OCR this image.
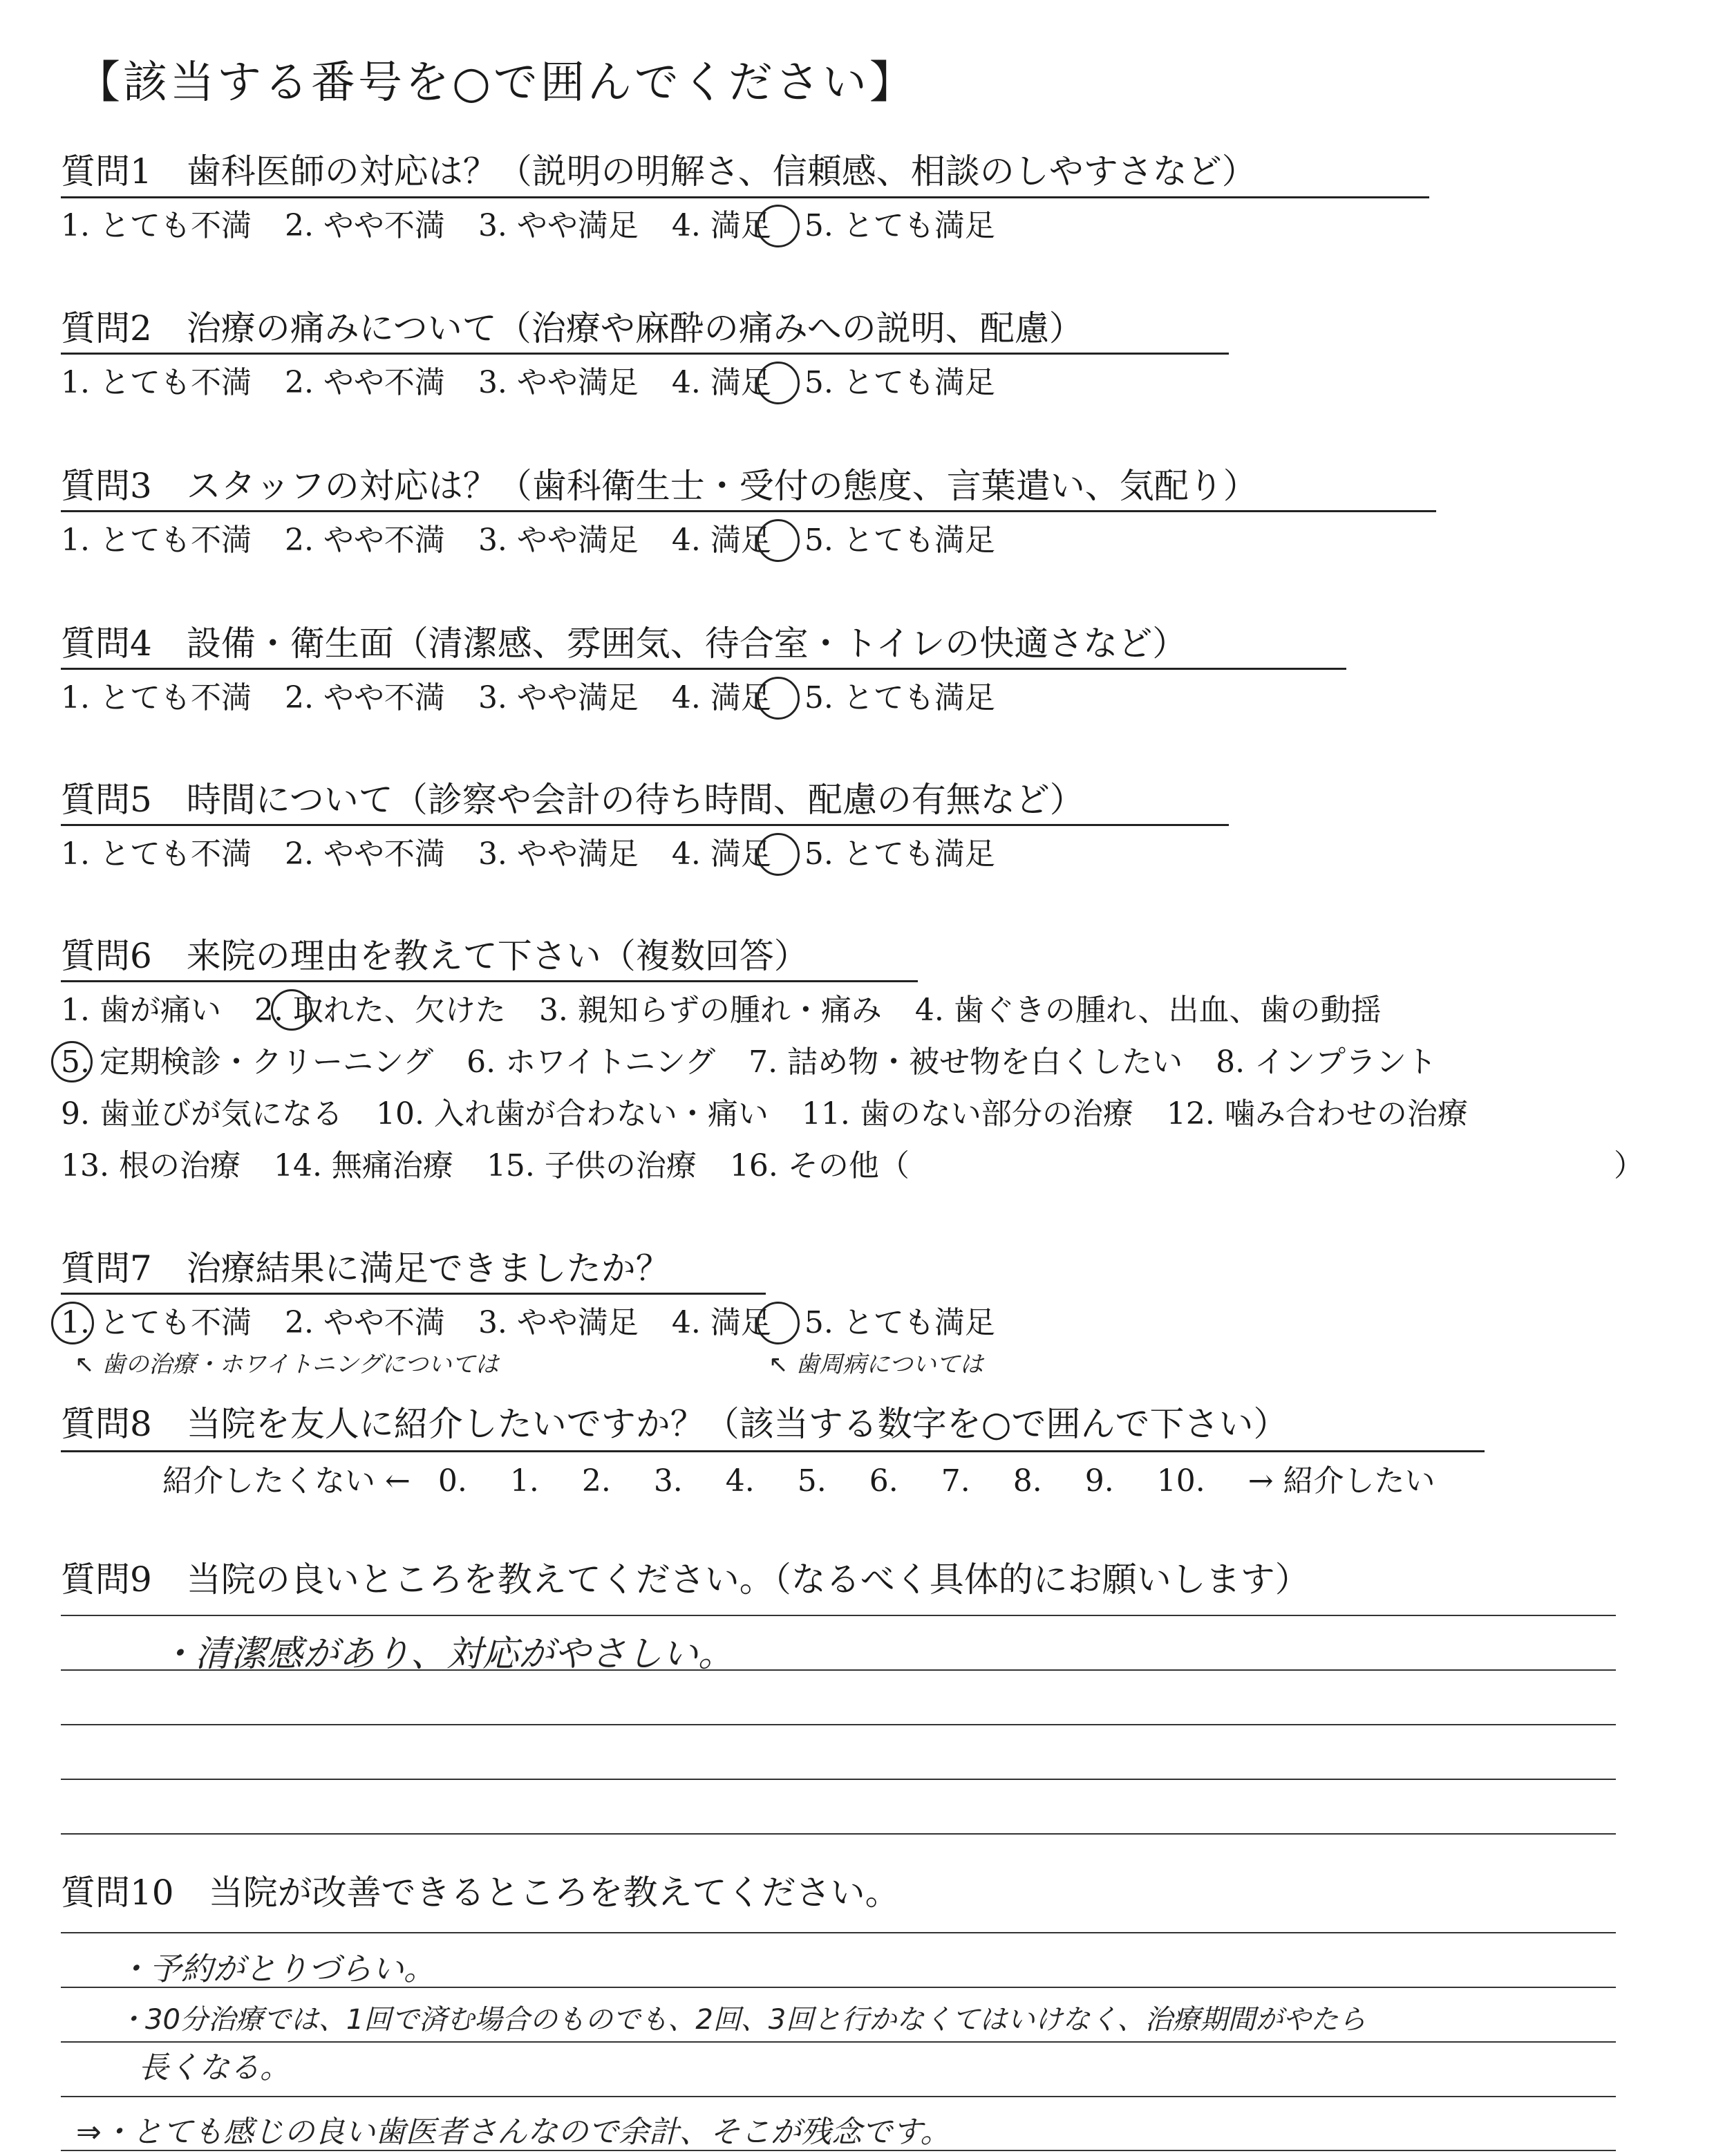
【該当する番号を○で囲んでください】
質問1　歯科医師の対応は？（説明の明解さ、信頼感、相談のしやすさなど）
1. とても不満 2. やや不満 3. やや満足 4. 満足 5. とても満足
質問2　治療の痛みについて（治療や麻酔の痛みへの説明、配慮）
1. とても不満 2. やや不満 3. やや満足 4. 満足 5. とても満足
質問3　スタッフの対応は？（歯科衛生士・受付の態度、言葉遣い、気配り）
1. とても不満 2. やや不満 3. やや満足 4. 満足 5. とても満足
質問4　設備・衛生面（清潔感、雰囲気、待合室・トイレの快適さなど）
1. とても不満 2. やや不満 3. やや満足 4. 満足 5. とても満足
質問5　時間について（診察や会計の待ち時間、配慮の有無など）
1. とても不満 2. やや不満 3. やや満足 4. 満足 5. とても満足
質問6　来院の理由を教えて下さい（複数回答）
1. 歯が痛い 2. 取れた、欠けた 3. 親知らずの腫れ・痛み 4. 歯ぐきの腫れ、出血、歯の動揺
5. 定期検診・クリーニング 6. ホワイトニング 7. 詰め物・被せ物を白くしたい 8. インプラント
9. 歯並びが気になる 10. 入れ歯が合わない・痛い 11. 歯のない部分の治療 12. 噛み合わせの治療
13. 根の治療 14. 無痛治療 15. 子供の治療 16. その他（	）
質問7　治療結果に満足できましたか？
1. とても不満 2. やや不満 3. やや満足 4. 満足 5. とても満足
↖ 歯の治療・ホワイトニングについては	↖ 歯周病については
質問8　当院を友人に紹介したいですか？（該当する数字を○で囲んで下さい）
紹介したくない ← 0. 1. 2. 3. 4. 5. 6. 7. 8. 9. 10. → 紹介したい
質問9　当院の良いところを教えてください。（なるべく具体的にお願いします）
・清潔感があり、対応がやさしい。
質問10　当院が改善できるところを教えてください。
・予約がとりづらい。
・30分治療では、1回で済む場合のものでも、2回、3回と行かなくてはいけなく、治療期間がやたら
長くなる。
⇒・とても感じの良い歯医者さんなので余計、そこが残念です。
